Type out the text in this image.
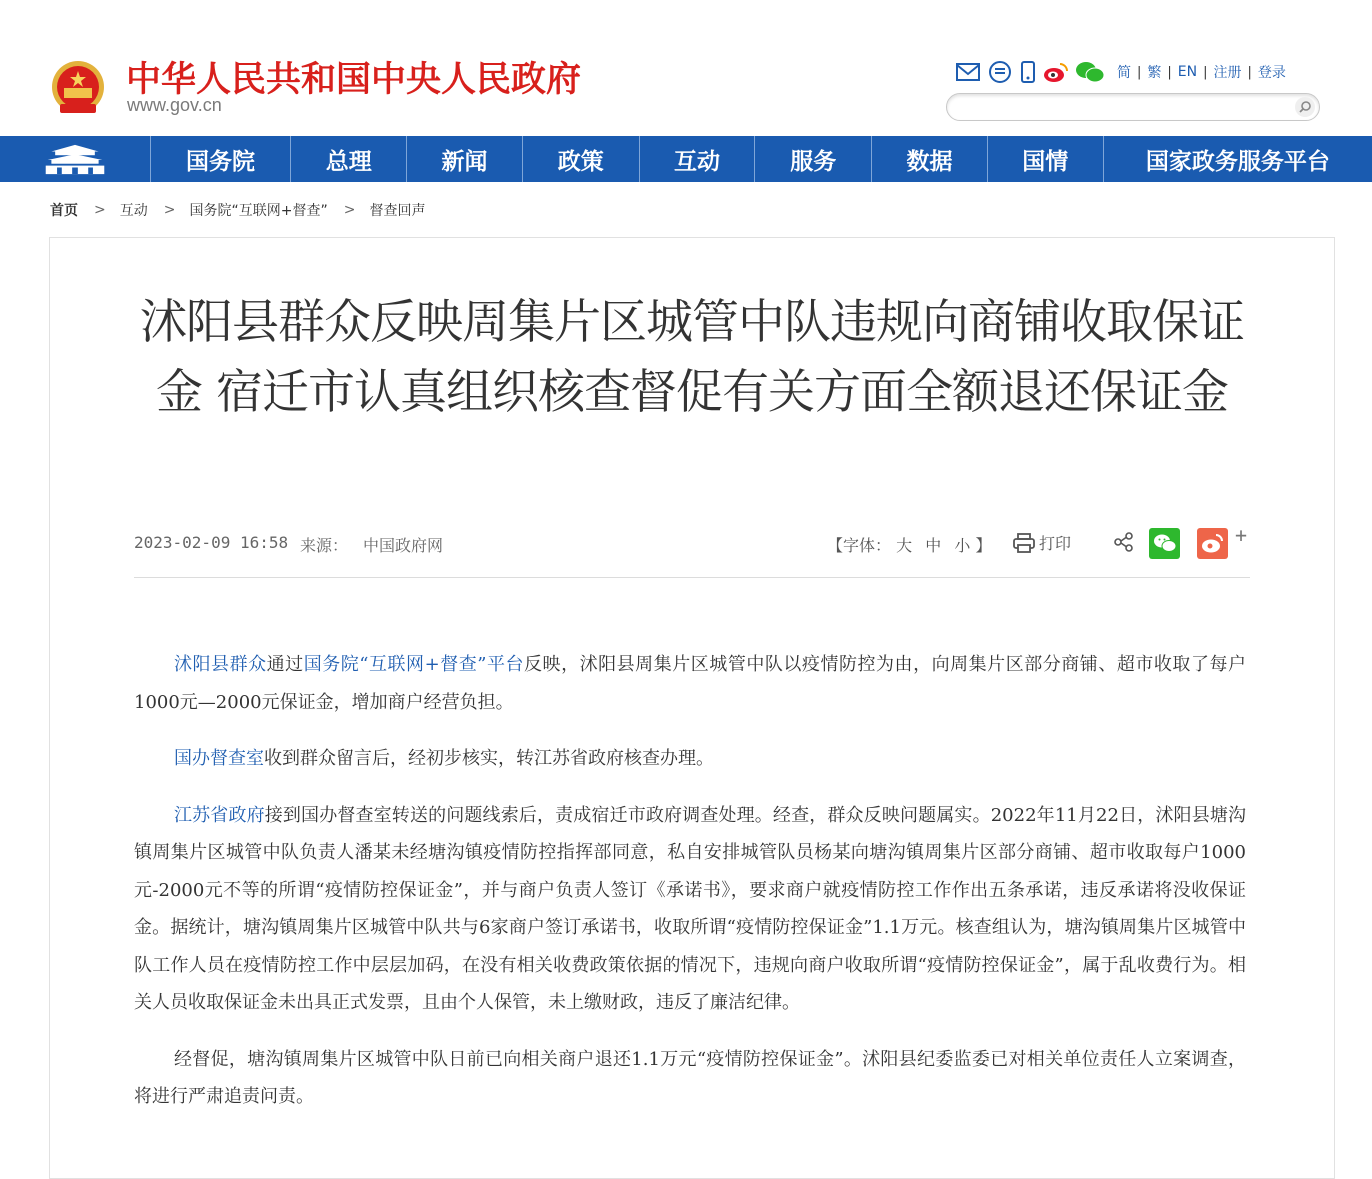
中华人民共和国中央人民政府
www.gov.cn
简 | 繁 | EN | 注册 | 登录
国务院	总理	新闻	政策	互动	服务	数据	国情	国家政务服务平台
首页 > 互动 > 国务院“互联网+督查” > 督查回声
沭阳县群众反映周集片区城管中队违规向商铺收取保证金 宿迁市认真组织核查督促有关方面全额退还保证金
2023-02-09 16:58 来源： 中国政府网	【字体： 大 中 小 】	打印	+

沭阳县群众通过国务院“互联网+督查”平台反映，沭阳县周集片区城管中队以疫情防控为由，向周集片区部分商铺、超市收取了每户1000元—2000元保证金，增加商户经营负担。

国办督查室收到群众留言后，经初步核实，转江苏省政府核查办理。

江苏省政府接到国办督查室转送的问题线索后，责成宿迁市政府调查处理。经查，群众反映问题属实。2022年11月22日，沭阳县塘沟镇周集片区城管中队负责人潘某未经塘沟镇疫情防控指挥部同意，私自安排城管队员杨某向塘沟镇周集片区部分商铺、超市收取每户1000元-2000元不等的所谓“疫情防控保证金”，并与商户负责人签订《承诺书》，要求商户就疫情防控工作作出五条承诺，违反承诺将没收保证金。据统计，塘沟镇周集片区城管中队共与6家商户签订承诺书，收取所谓“疫情防控保证金”1.1万元。核查组认为，塘沟镇周集片区城管中队工作人员在疫情防控工作中层层加码，在没有相关收费政策依据的情况下，违规向商户收取所谓“疫情防控保证金”，属于乱收费行为。相关人员收取保证金未出具正式发票，且由个人保管，未上缴财政，违反了廉洁纪律。

经督促，塘沟镇周集片区城管中队日前已向相关商户退还1.1万元“疫情防控保证金”。沭阳县纪委监委已对相关单位责任人立案调查，将进行严肃追责问责。
